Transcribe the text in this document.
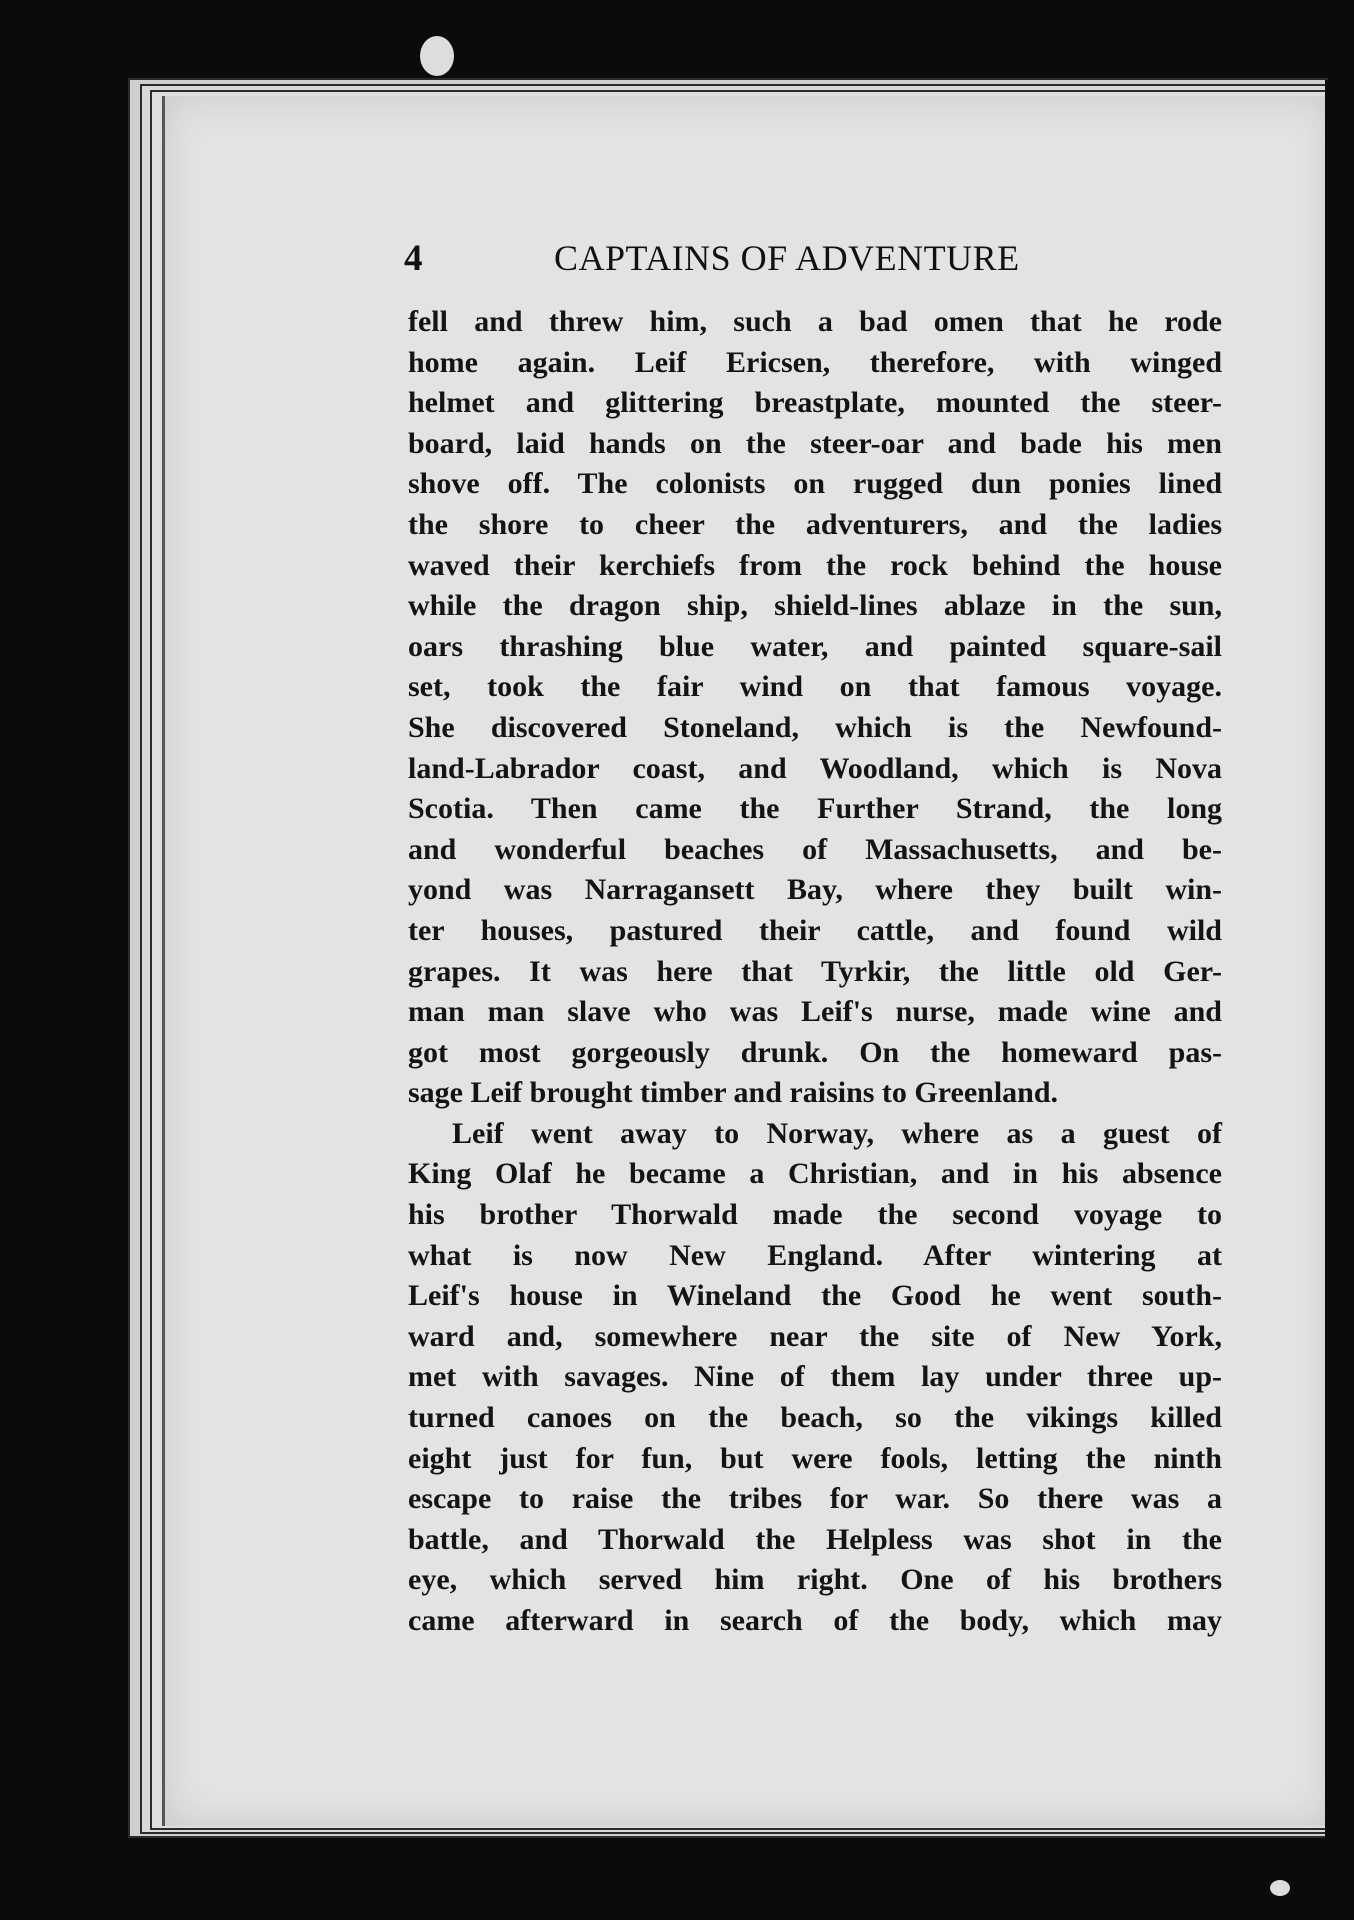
4	CAPTAINS OF ADVENTURE
fell and threw him, such a bad omen that he rode
home again. Leif Ericsen, therefore, with winged
helmet and glittering breastplate, mounted the steer-
board, laid hands on the steer-oar and bade his men
shove off. The colonists on rugged dun ponies lined
the shore to cheer the adventurers, and the ladies
waved their kerchiefs from the rock behind the house
while the dragon ship, shield-lines ablaze in the sun,
oars thrashing blue water, and painted square-sail
set, took the fair wind on that famous voyage.
She discovered Stoneland, which is the Newfound-
land-Labrador coast, and Woodland, which is Nova
Scotia. Then came the Further Strand, the long
and wonderful beaches of Massachusetts, and be-
yond was Narragansett Bay, where they built win-
ter houses, pastured their cattle, and found wild
grapes. It was here that Tyrkir, the little old Ger-
man man slave who was Leif's nurse, made wine and
got most gorgeously drunk. On the homeward pas-
sage Leif brought timber and raisins to Greenland.
Leif went away to Norway, where as a guest of
King Olaf he became a Christian, and in his absence
his brother Thorwald made the second voyage to
what is now New England. After wintering at
Leif's house in Wineland the Good he went south-
ward and, somewhere near the site of New York,
met with savages. Nine of them lay under three up-
turned canoes on the beach, so the vikings killed
eight just for fun, but were fools, letting the ninth
escape to raise the tribes for war. So there was a
battle, and Thorwald the Helpless was shot in the
eye, which served him right. One of his brothers
came afterward in search of the body, which may
